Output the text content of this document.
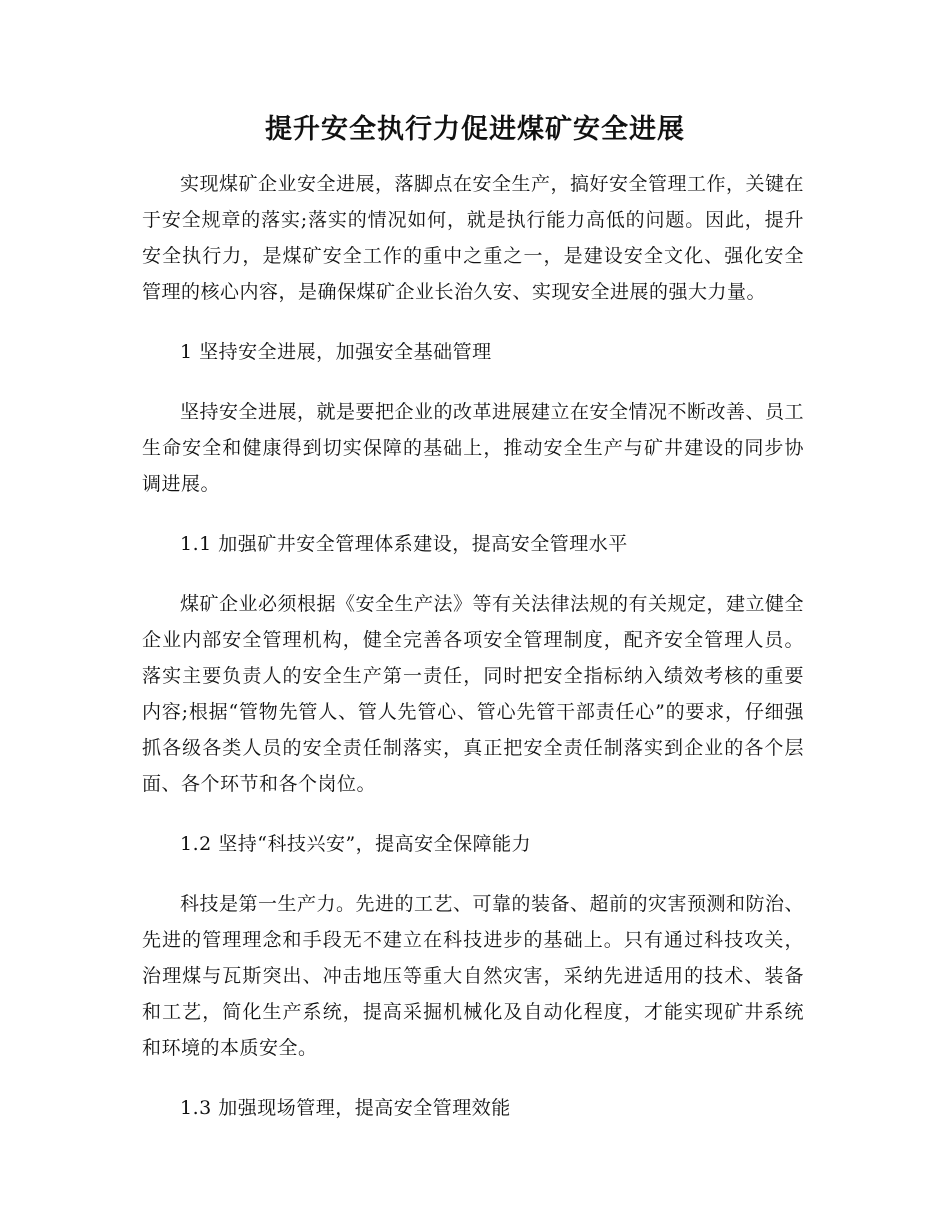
提升安全执行力促进煤矿安全进展

实现煤矿企业安全进展，落脚点在安全生产，搞好安全管理工作，关键在于安全规章的落实;落实的情况如何，就是执行能力高低的问题。因此，提升安全执行力，是煤矿安全工作的重中之重之一，是建设安全文化、强化安全管理的核心内容，是确保煤矿企业长治久安、实现安全进展的强大力量。

1 坚持安全进展，加强安全基础管理

坚持安全进展，就是要把企业的改革进展建立在安全情况不断改善、员工生命安全和健康得到切实保障的基础上，推动安全生产与矿井建设的同步协调进展。

1.1 加强矿井安全管理体系建设，提高安全管理水平

煤矿企业必须根据《安全生产法》等有关法律法规的有关规定，建立健全企业内部安全管理机构，健全完善各项安全管理制度，配齐安全管理人员。落实主要负责人的安全生产第一责任，同时把安全指标纳入绩效考核的重要内容;根据“管物先管人、管人先管心、管心先管干部责任心”的要求，仔细强抓各级各类人员的安全责任制落实，真正把安全责任制落实到企业的各个层面、各个环节和各个岗位。

1.2 坚持“科技兴安”，提高安全保障能力

科技是第一生产力。先进的工艺、可靠的装备、超前的灾害预测和防治、先进的管理理念和手段无不建立在科技进步的基础上。只有通过科技攻关，治理煤与瓦斯突出、冲击地压等重大自然灾害，采纳先进适用的技术、装备和工艺，简化生产系统，提高采掘机械化及自动化程度，才能实现矿井系统和环境的本质安全。

1.3 加强现场管理，提高安全管理效能
